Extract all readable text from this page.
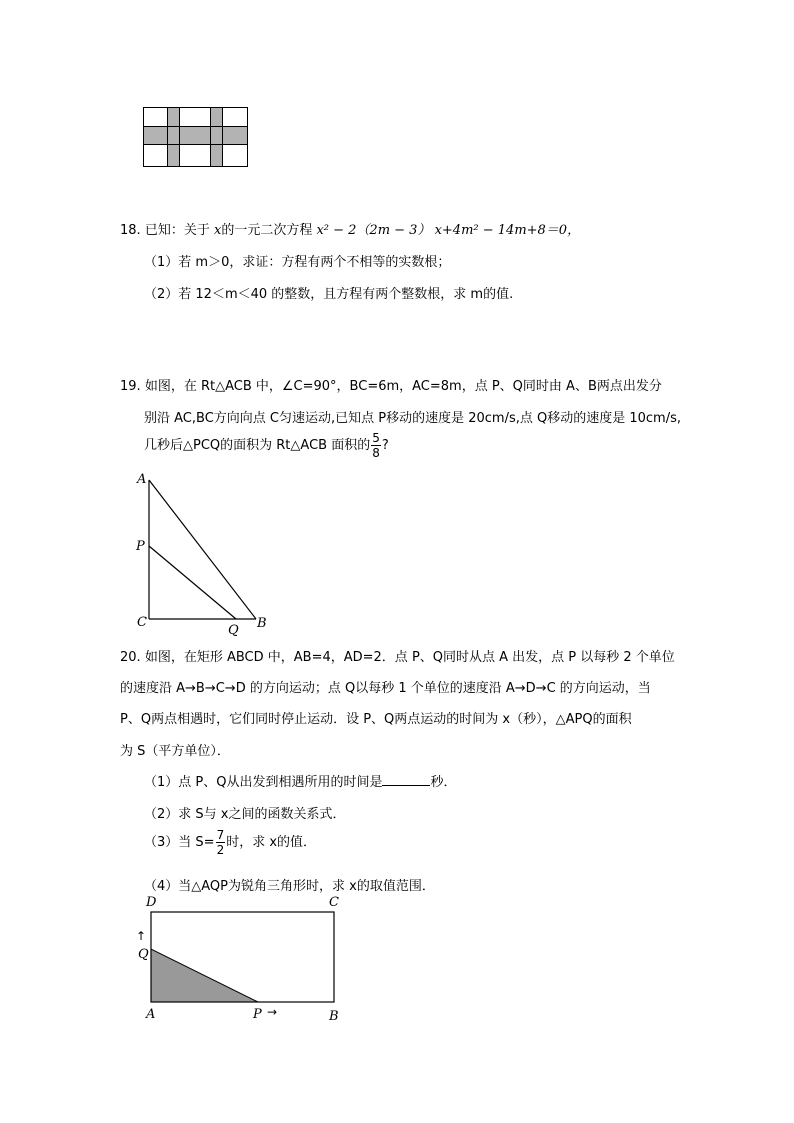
18. 已知：关于 x的一元二次方程 x² − 2（2m − 3） x+4m² − 14m+8＝0，
（1）若 m＞0，求证：方程有两个不相等的实数根；
（2）若 12＜m＜40 的整数，且方程有两个整数根，求 m的值.
19. 如图，在 Rt△ACB 中，∠C=90°，BC=6m，AC=8m，点 P、Q同时由 A、B两点出发分
别沿 AC,BC方向向点 C匀速运动,已知点 P移动的速度是 20cm/s,点 Q移动的速度是 10cm/s,
几秒后△PCQ的面积为 Rt△ACB 面积的 $\frac{5}{8}$ ?
A
P
C
Q B
20. 如图，在矩形 ABCD 中，AB=4，AD=2．点 P、Q同时从点 A 出发，点 P 以每秒 2 个单位
的速度沿 A→B→C→D 的方向运动；点 Q以每秒 1 个单位的速度沿 A→D→C 的方向运动，当
P、Q两点相遇时，它们同时停止运动．设 P、Q两点运动的时间为 x（秒），△APQ的面积
为 S（平方单位）．
（1）点 P、Q从出发到相遇所用的时间是	秒．
（2）求 S与 x之间的函数关系式．
（3）当 $S= \frac{7}{2}$ 时，求 x的值．
（4）当△AQP为锐角三角形时，求 x的取值范围．
D	C
↑
Q
A	P →	B
